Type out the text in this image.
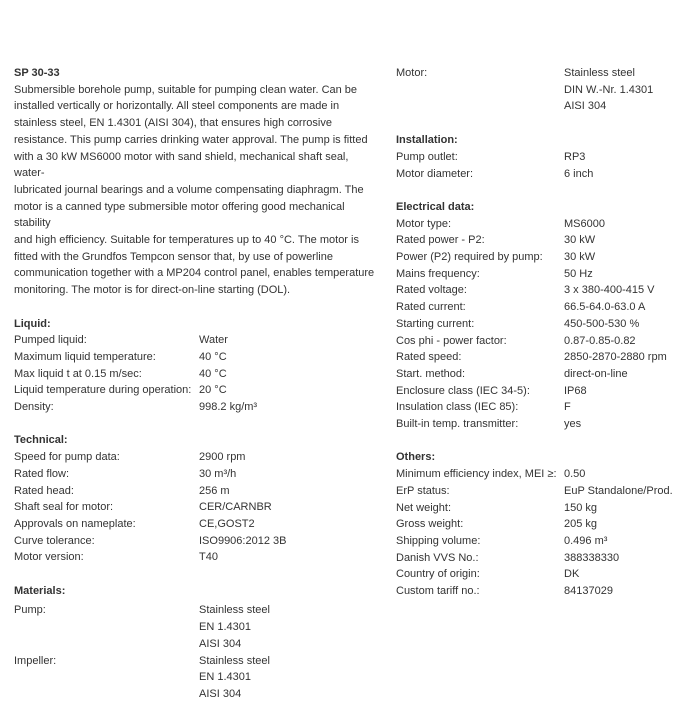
SP 30-33
Submersible borehole pump, suitable for pumping clean water. Can be
installed vertically or horizontally. All steel components are made in
stainless steel, EN 1.4301 (AISI 304), that ensures high corrosive
resistance. This pump carries drinking water approval. The pump is fitted
with a 30 kW MS6000 motor with sand shield, mechanical shaft seal, water-
lubricated journal bearings and a volume compensating diaphragm. The
motor is a canned type submersible motor offering good mechanical stability
and high efficiency. Suitable for temperatures up to 40 °C. The motor is
fitted with the Grundfos Tempcon sensor that, by use of powerline
communication together with a MP204 control panel, enables temperature
monitoring. The motor is for direct-on-line starting (DOL).
Liquid:
Pumped liquid:	Water
Maximum liquid temperature:	40 °C
Max liquid t at 0.15 m/sec:	40 °C
Liquid temperature during operation: 20 °C
Density:	998.2 kg/m³
Technical:
Speed for pump data:	2900 rpm
Rated flow:	30 m³/h
Rated head:	256 m
Shaft seal for motor:	CER/CARNBR
Approvals on nameplate:	CE,GOST2
Curve tolerance:	ISO9906:2012 3B
Motor version:	T40
Materials:
Pump:	Stainless steel
EN 1.4301
AISI 304
Impeller:	Stainless steel
EN 1.4301
AISI 304
Motor:	Stainless steel
DIN W.-Nr. 1.4301
AISI 304
Installation:
Pump outlet:	RP3
Motor diameter:	6 inch
Electrical data:
Motor type:	MS6000
Rated power - P2:	30 kW
Power (P2) required by pump:	30 kW
Mains frequency:	50 Hz
Rated voltage:	3 x 380-400-415 V
Rated current:	66.5-64.0-63.0 A
Starting current:	450-500-530 %
Cos phi - power factor:	0.87-0.85-0.82
Rated speed:	2850-2870-2880 rpm
Start. method:	direct-on-line
Enclosure class (IEC 34-5):	IP68
Insulation class (IEC 85):	F
Built-in temp. transmitter:	yes
Others:
Minimum efficiency index, MEI ≥: 0.50
ErP status:	EuP Standalone/Prod.
Net weight:	150 kg
Gross weight:	205 kg
Shipping volume:	0.496 m³
Danish VVS No.:	388338330
Country of origin:	DK
Custom tariff no.:	84137029
